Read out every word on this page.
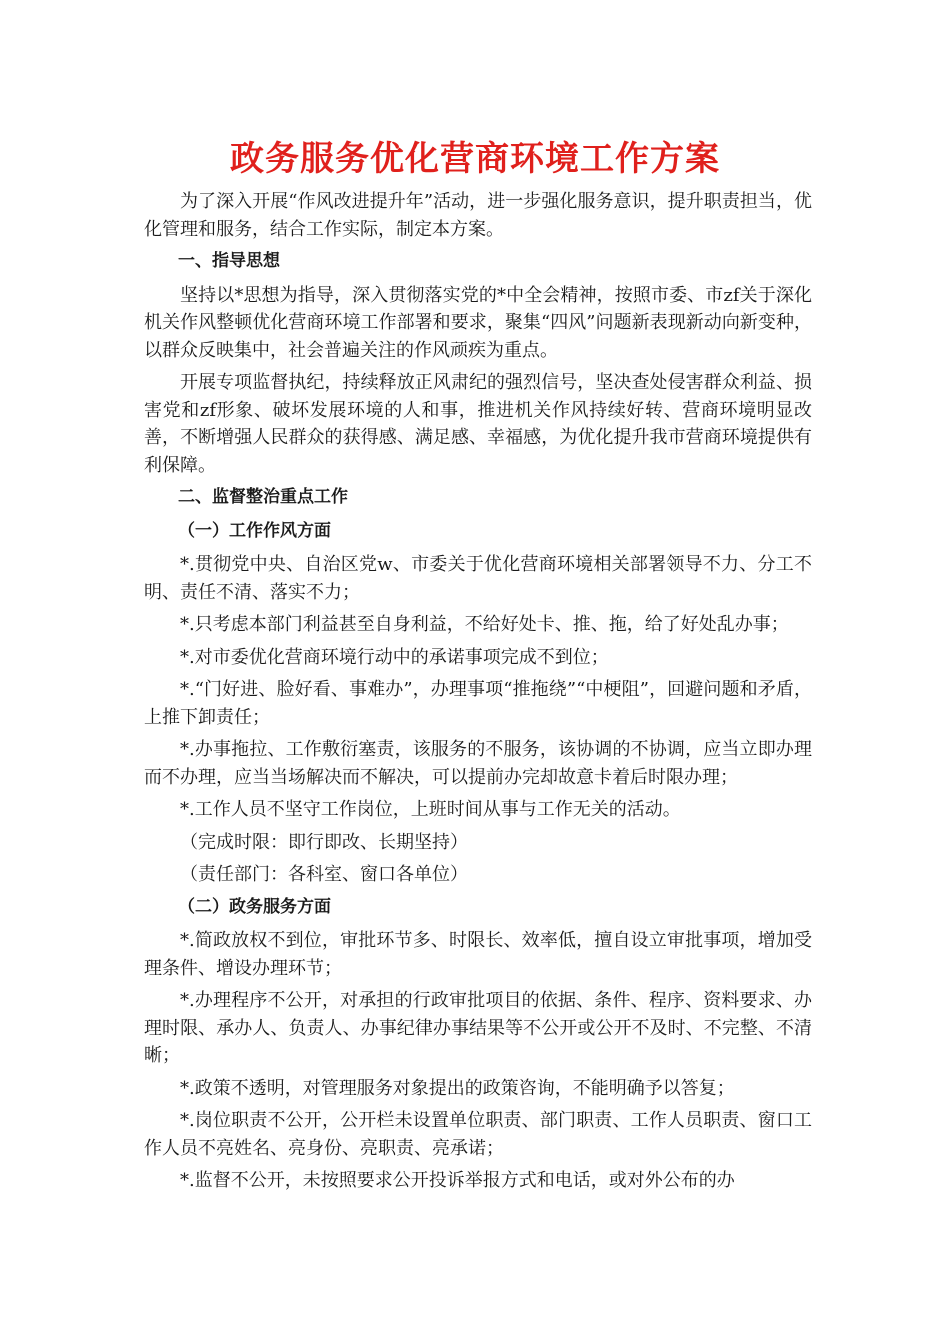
政务服务优化营商环境工作方案

为了深入开展“作风改进提升年”活动，进一步强化服务意识，提升职责担当，优化管理和服务，结合工作实际，制定本方案。

一、指导思想

坚持以*思想为指导，深入贯彻落实党的*中全会精神，按照市委、市zf关于深化机关作风整顿优化营商环境工作部署和要求，聚集“四风”问题新表现新动向新变种，以群众反映集中，社会普遍关注的作风顽疾为重点。

开展专项监督执纪，持续释放正风肃纪的强烈信号，坚决查处侵害群众利益、损害党和zf形象、破坏发展环境的人和事，推进机关作风持续好转、营商环境明显改善，不断增强人民群众的获得感、满足感、幸福感，为优化提升我市营商环境提供有利保障。

二、监督整治重点工作

（一）工作作风方面

*.贯彻党中央、自治区党w、市委关于优化营商环境相关部署领导不力、分工不明、责任不清、落实不力；

*.只考虑本部门利益甚至自身利益，不给好处卡、推、拖，给了好处乱办事；

*.对市委优化营商环境行动中的承诺事项完成不到位；

*.“门好进、脸好看、事难办”，办理事项“推拖绕”“中梗阻”，回避问题和矛盾，上推下卸责任；

*.办事拖拉、工作敷衍塞责，该服务的不服务，该协调的不协调，应当立即办理而不办理，应当当场解决而不解决，可以提前办完却故意卡着后时限办理；

*.工作人员不坚守工作岗位，上班时间从事与工作无关的活动。

（完成时限：即行即改、长期坚持）

（责任部门：各科室、窗口各单位）

（二）政务服务方面

*.简政放权不到位，审批环节多、时限长、效率低，擅自设立审批事项，增加受理条件、增设办理环节；

*.办理程序不公开，对承担的行政审批项目的依据、条件、程序、资料要求、办理时限、承办人、负责人、办事纪律办事结果等不公开或公开不及时、不完整、不清晰；

*.政策不透明，对管理服务对象提出的政策咨询，不能明确予以答复；

*.岗位职责不公开，公开栏未设置单位职责、部门职责、工作人员职责、窗口工作人员不亮姓名、亮身份、亮职责、亮承诺；

*.监督不公开，未按照要求公开投诉举报方式和电话，或对外公布的办
